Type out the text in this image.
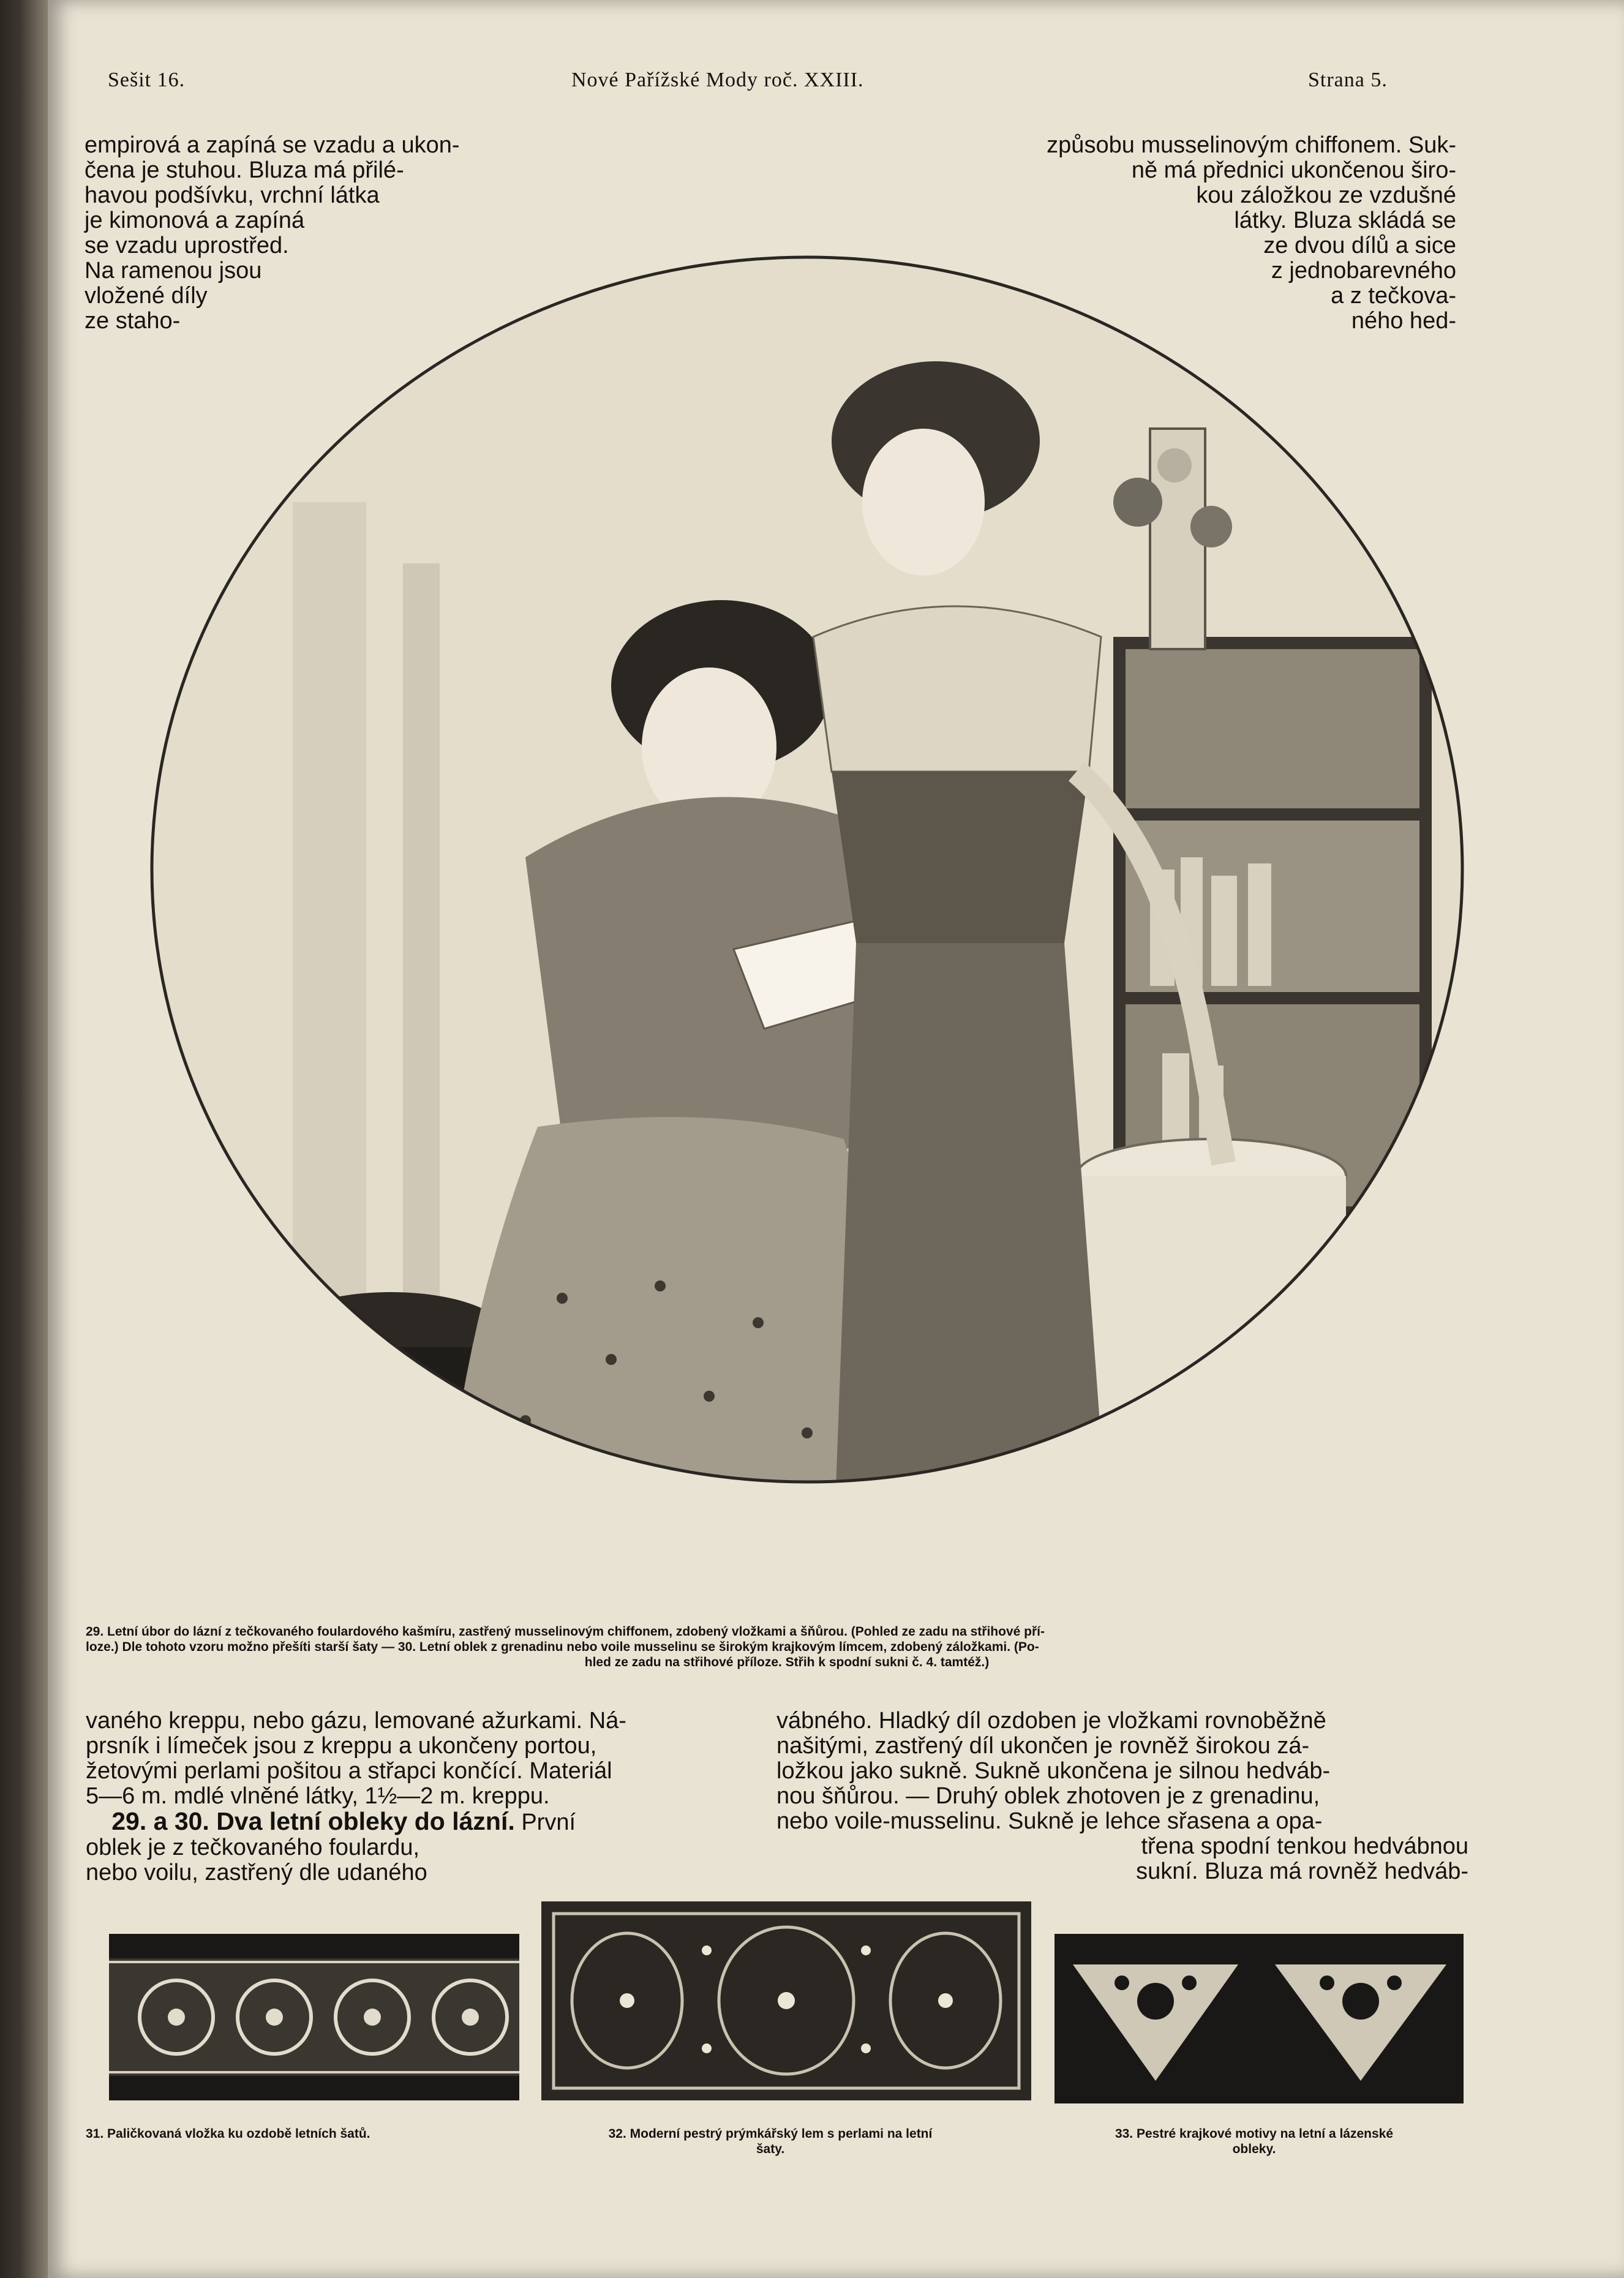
Sešit 16.	Nové Pařížské Mody roč. XXIII.	Strana 5.
empirová a zapíná se vzadu a ukon-
čena je stuhou. Bluza má přilé-
havou podšívku, vrchní látka
je kimonová a zapíná
se vzadu uprostřed.
Na ramenou jsou
vložené díly
ze staho-
způsobu musselinovým chiffonem. Suk-
ně má přednici ukončenou širo-
kou záložkou ze vzdušné
látky. Bluza skládá se
ze dvou dílů a sice
z jednobarevného
a z tečkova-
ného hed-
29. Letní úbor do lázní z tečkovaného foulardového kašmíru, zastřený musselinovým chiffonem, zdobený vložkami a šňůrou. (Pohled ze zadu na střihové pří-
loze.) Dle tohoto vzoru možno přešíti starší šaty — 30. Letní oblek z grenadinu nebo voile musselinu se širokým krajkovým límcem, zdobený záložkami. (Po-
hled ze zadu na střihové příloze. Střih k spodní sukni č. 4. tamtéž.)
vaného kreppu, nebo gázu, lemované ažurkami. Ná-
prsník i límeček jsou z kreppu a ukončeny portou,
žetovými perlami pošitou a střapci končící. Materiál
5—6 m. mdlé vlněné látky, 1½—2 m. kreppu.
29. a 30. Dva letní obleky do lázní. První
oblek je z tečkovaného foulardu,
nebo voilu, zastřený dle udaného
vábného. Hladký díl ozdoben je vložkami rovnoběžně
našitými, zastřený díl ukončen je rovněž širokou zá-
ložkou jako sukně. Sukně ukončena je silnou hedváb-
nou šňůrou. — Druhý oblek zhotoven je z grenadinu,
nebo voile-musselinu. Sukně je lehce sřasena a opa-
třena spodní tenkou hedvábnou
sukní. Bluza má rovněž hedváb-
31. Paličkovaná vložka ku ozdobě letních šatů.	32. Moderní pestrý prýmkářský lem s perlami na letní
šaty.
33. Pestré krajkové motivy na letní a lázenské
obleky.
